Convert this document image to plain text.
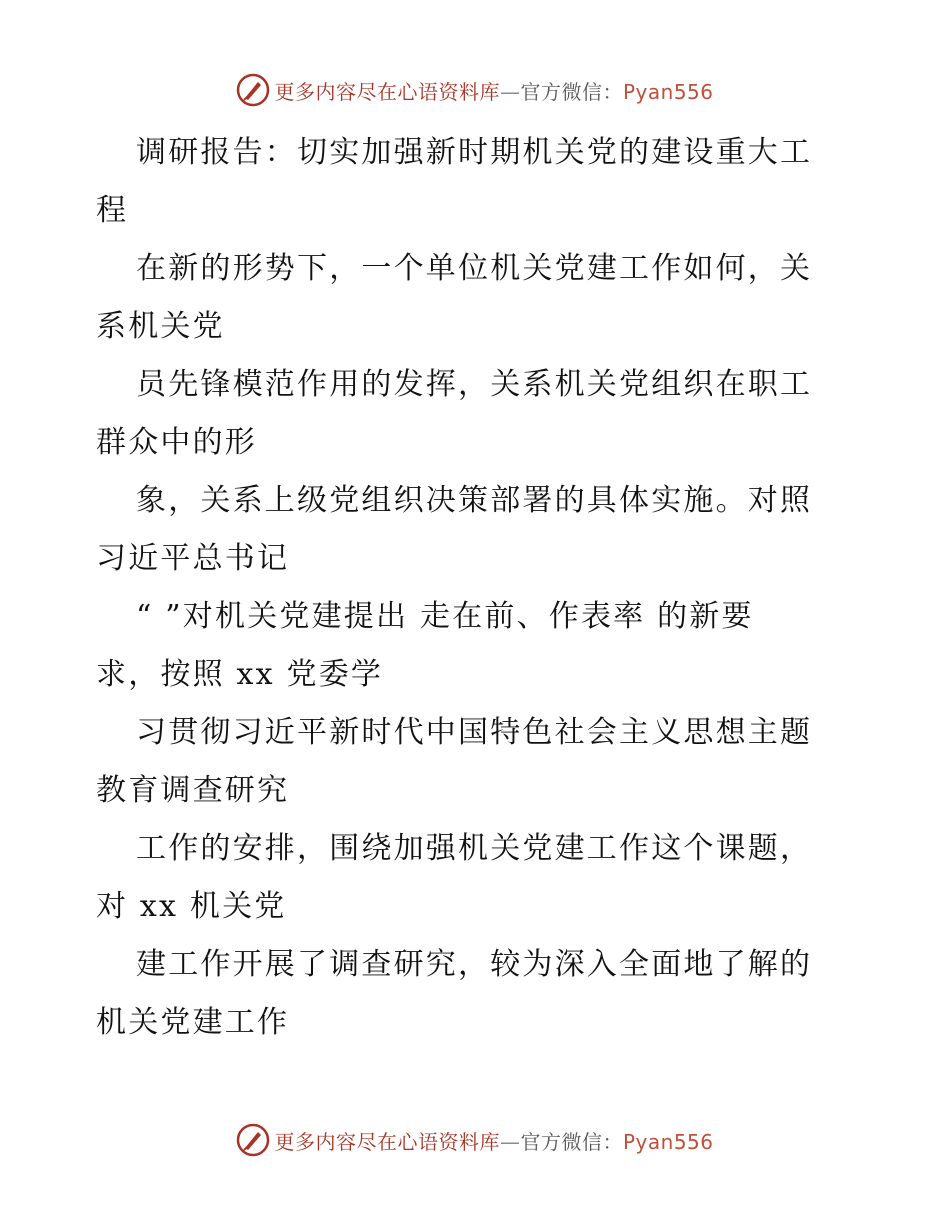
更多内容尽在心语资料库—官方微信：Pyan556

调研报告：切实加强新时期机关党的建设重大工
程

在新的形势下，一个单位机关党建工作如何，关
系机关党

员先锋模范作用的发挥，关系机关党组织在职工
群众中的形

象，关系上级党组织决策部署的具体实施。对照
习近平总书记

“ ”对机关党建提出 走在前、作表率 的新要
求，按照 xx 党委学

习贯彻习近平新时代中国特色社会主义思想主题
教育调查研究

工作的安排，围绕加强机关党建工作这个课题，
对 xx 机关党

建工作开展了调查研究，较为深入全面地了解的
机关党建工作

更多内容尽在心语资料库—官方微信：Pyan556
